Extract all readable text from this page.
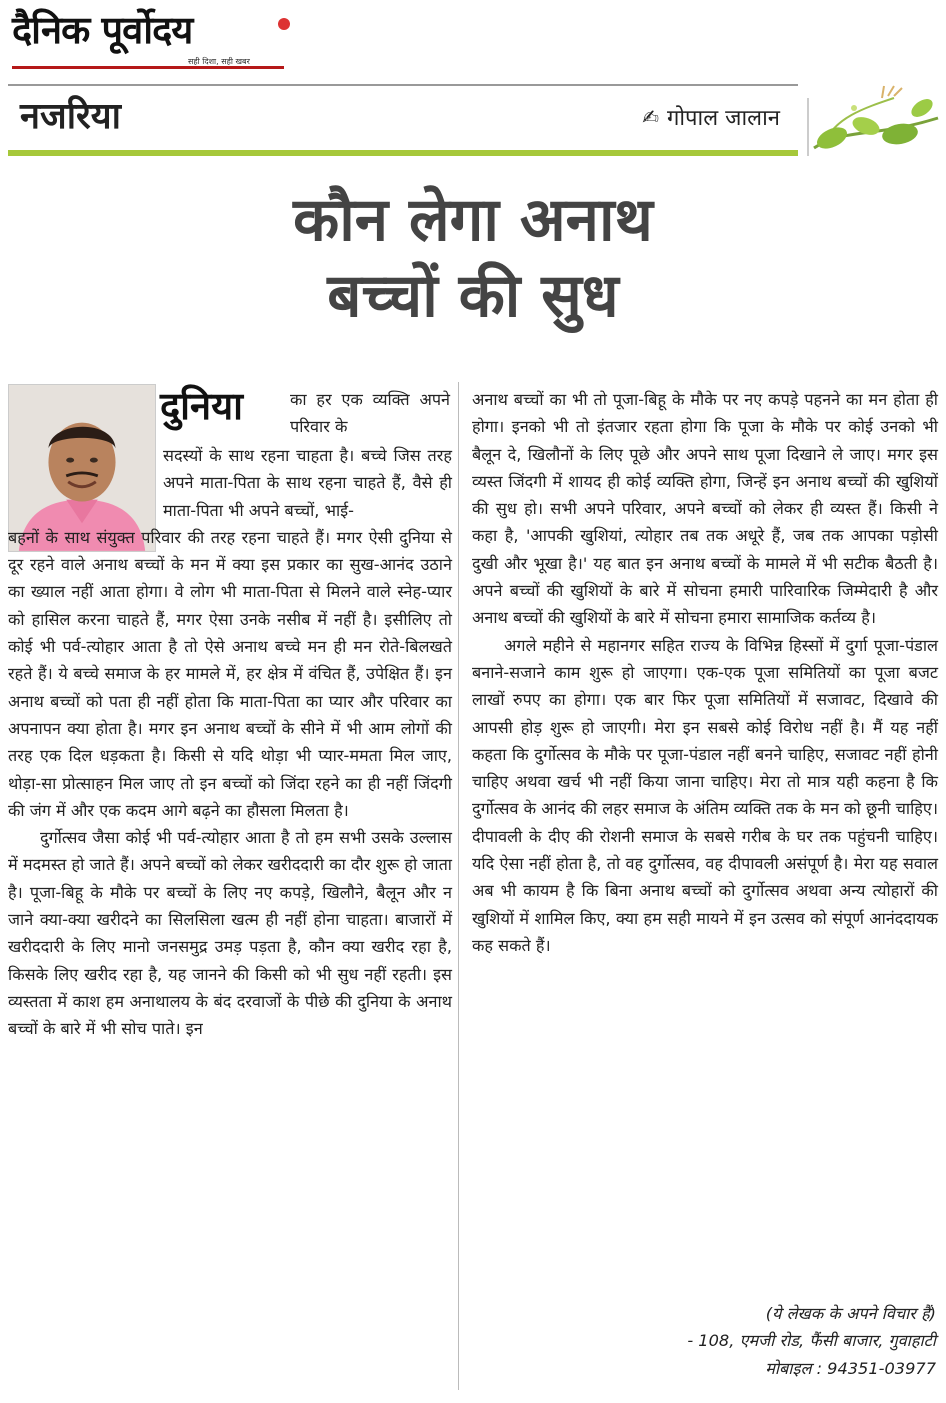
दैनिक पूर्वोदय
सही दिशा, सही खबर
नजरिया	✍ गोपाल जालान
कौन लेगा अनाथ
बच्चों की सुध
दुनिया	का हर एक व्यक्ति अपने परिवार के

सदस्यों के साथ रहना चाहता है। बच्चे जिस तरह अपने माता-पिता के साथ रहना चाहते हैं, वैसे ही माता-पिता भी अपने बच्चों, भाई-

बहनों के साथ संयुक्त परिवार की तरह रहना चाहते हैं। मगर ऐसी दुनिया से दूर रहने वाले अनाथ बच्चों के मन में क्या इस प्रकार का सुख-आनंद उठाने का ख्याल नहीं आता होगा। वे लोग भी माता-पिता से मिलने वाले स्नेह-प्यार को हासिल करना चाहते हैं, मगर ऐसा उनके नसीब में नहीं है। इसीलिए तो कोई भी पर्व-त्योहार आता है तो ऐसे अनाथ बच्चे मन ही मन रोते-बिलखते रहते हैं। ये बच्चे समाज के हर मामले में, हर क्षेत्र में वंचित हैं, उपेक्षित हैं। इन अनाथ बच्चों को पता ही नहीं होता कि माता-पिता का प्यार और परिवार का अपनापन क्या होता है। मगर इन अनाथ बच्चों के सीने में भी आम लोगों की तरह एक दिल धड़कता है। किसी से यदि थोड़ा भी प्यार-ममता मिल जाए, थोड़ा-सा प्रोत्साहन मिल जाए तो इन बच्चों को जिंदा रहने का ही नहीं जिंदगी की जंग में और एक कदम आगे बढ़ने का हौसला मिलता है।

दुर्गोत्सव जैसा कोई भी पर्व-त्योहार आता है तो हम सभी उसके उल्लास में मदमस्त हो जाते हैं। अपने बच्चों को लेकर खरीददारी का दौर शुरू हो जाता है। पूजा-बिहू के मौके पर बच्चों के लिए नए कपड़े, खिलौने, बैलून और न जाने क्या-क्या खरीदने का सिलसिला खत्म ही नहीं होना चाहता। बाजारों में खरीददारी के लिए मानो जनसमुद्र उमड़ पड़ता है, कौन क्या खरीद रहा है, किसके लिए खरीद रहा है, यह जानने की किसी को भी सुध नहीं रहती। इस व्यस्तता में काश हम अनाथालय के बंद दरवाजों के पीछे की दुनिया के अनाथ बच्चों के बारे में भी सोच पाते। इन

अनाथ बच्चों का भी तो पूजा-बिहू के मौके पर नए कपड़े पहनने का मन होता ही होगा। इनको भी तो इंतजार रहता होगा कि पूजा के मौके पर कोई उनको भी बैलून दे, खिलौनों के लिए पूछे और अपने साथ पूजा दिखाने ले जाए। मगर इस व्यस्त जिंदगी में शायद ही कोई व्यक्ति होगा, जिन्हें इन अनाथ बच्चों की खुशियों की सुध हो। सभी अपने परिवार, अपने बच्चों को लेकर ही व्यस्त हैं। किसी ने कहा है, 'आपकी खुशियां, त्योहार तब तक अधूरे हैं, जब तक आपका पड़ोसी दुखी और भूखा है।' यह बात इन अनाथ बच्चों के मामले में भी सटीक बैठती है। अपने बच्चों की खुशियों के बारे में सोचना हमारी पारिवारिक जिम्मेदारी है और अनाथ बच्चों की खुशियों के बारे में सोचना हमारा सामाजिक कर्तव्य है।

अगले महीने से महानगर सहित राज्य के विभिन्न हिस्सों में दुर्गा पूजा-पंडाल बनाने-सजाने काम शुरू हो जाएगा। एक-एक पूजा समितियों का पूजा बजट लाखों रुपए का होगा। एक बार फिर पूजा समितियों में सजावट, दिखावे की आपसी होड़ शुरू हो जाएगी। मेरा इन सबसे कोई विरोध नहीं है। मैं यह नहीं कहता कि दुर्गोत्सव के मौके पर पूजा-पंडाल नहीं बनने चाहिए, सजावट नहीं होनी चाहिए अथवा खर्च भी नहीं किया जाना चाहिए। मेरा तो मात्र यही कहना है कि दुर्गोत्सव के आनंद की लहर समाज के अंतिम व्यक्ति तक के मन को छूनी चाहिए। दीपावली के दीए की रोशनी समाज के सबसे गरीब के घर तक पहुंचनी चाहिए। यदि ऐसा नहीं होता है, तो वह दुर्गोत्सव, वह दीपावली असंपूर्ण है। मेरा यह सवाल अब भी कायम है कि बिना अनाथ बच्चों को दुर्गोत्सव अथवा अन्य त्योहारों की खुशियों में शामिल किए, क्या हम सही मायने में इन उत्सव को संपूर्ण आनंददायक कह सकते हैं।

(ये लेखक के अपने विचार हैं)
- 108, एमजी रोड, फैंसी बाजार, गुवाहाटी
मोबाइल : 94351-03977
